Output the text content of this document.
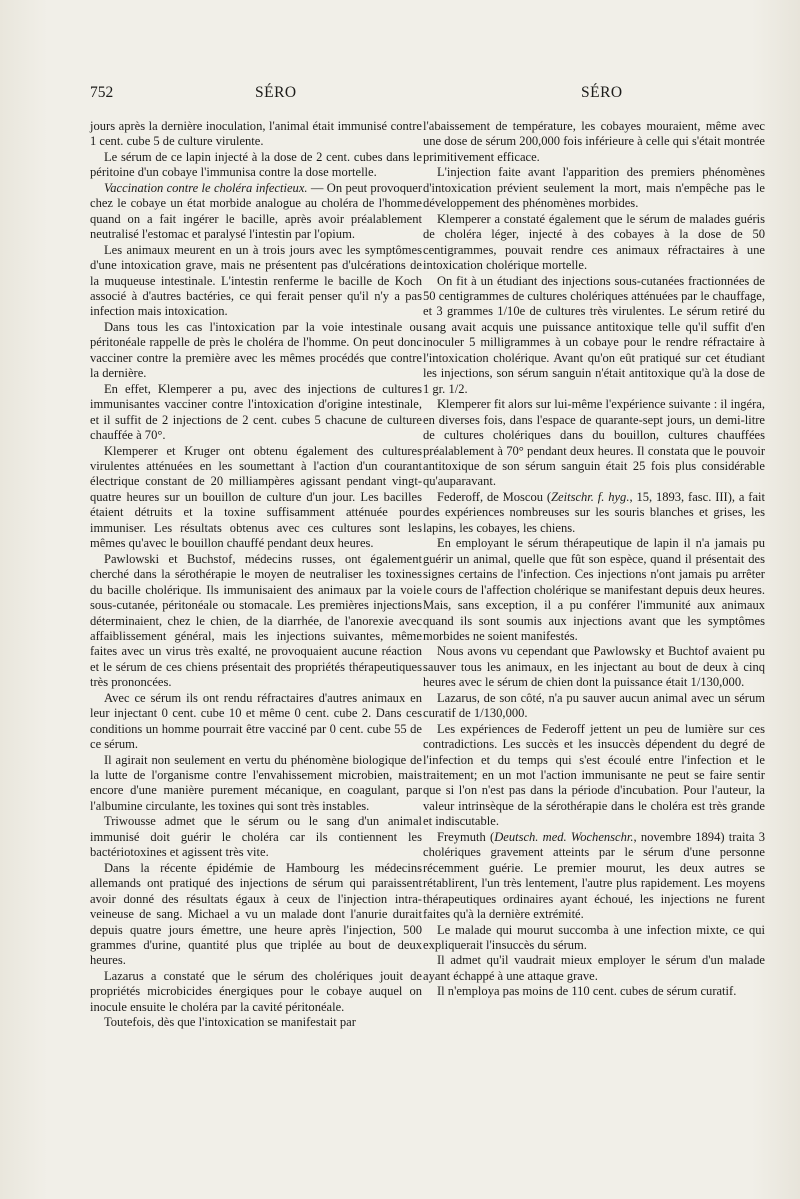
752	SÉRO	SÉRO

jours après la dernière inoculation, l'animal était immunisé contre 1 cent. cube 5 de culture virulente.

Le sérum de ce lapin injecté à la dose de 2 cent. cubes dans le péritoine d'un cobaye l'immunisa contre la dose mortelle.

Vaccination contre le choléra infectieux. — On peut provoquer chez le cobaye un état morbide analogue au choléra de l'homme quand on a fait ingérer le bacille, après avoir préalablement neutralisé l'estomac et paralysé l'intestin par l'opium.

Les animaux meurent en un à trois jours avec les symptômes d'une intoxication grave, mais ne présentent pas d'ulcérations de la muqueuse intestinale. L'intestin renferme le bacille de Koch associé à d'autres bactéries, ce qui ferait penser qu'il n'y a pas infection mais intoxication.

Dans tous les cas l'intoxication par la voie intestinale ou péritonéale rappelle de près le choléra de l'homme. On peut donc vacciner contre la première avec les mêmes procédés que contre la dernière.

En effet, Klemperer a pu, avec des injections de cultures immunisantes vacciner contre l'intoxication d'origine intestinale, et il suffit de 2 injections de 2 cent. cubes 5 chacune de culture chauffée à 70°.

Klemperer et Kruger ont obtenu également des cultures virulentes atténuées en les soumettant à l'action d'un courant électrique constant de 20 milliampères agissant pendant vingt-quatre heures sur un bouillon de culture d'un jour. Les bacilles étaient détruits et la toxine suffisamment atténuée pour immuniser. Les résultats obtenus avec ces cultures sont les mêmes qu'avec le bouillon chauffé pendant deux heures.

Pawlowski et Buchstof, médecins russes, ont également cherché dans la sérothérapie le moyen de neutraliser les toxines du bacille cholérique. Ils immunisaient des animaux par la voie sous-cutanée, péritonéale ou stomacale. Les premières injections déterminaient, chez le chien, de la diarrhée, de l'anorexie avec affaiblissement général, mais les injections suivantes, même faites avec un virus très exalté, ne provoquaient aucune réaction et le sérum de ces chiens présentait des propriétés thérapeutiques très prononcées.

Avec ce sérum ils ont rendu réfractaires d'autres animaux en leur injectant 0 cent. cube 10 et même 0 cent. cube 2. Dans ces conditions un homme pourrait être vacciné par 0 cent. cube 55 de ce sérum.

Il agirait non seulement en vertu du phénomène biologique de la lutte de l'organisme contre l'envahissement microbien, mais encore d'une manière purement mécanique, en coagulant, par l'albumine circulante, les toxines qui sont très instables.

Triwousse admet que le sérum ou le sang d'un animal immunisé doit guérir le choléra car ils contiennent les bactériotoxines et agissent très vite.

Dans la récente épidémie de Hambourg les médecins allemands ont pratiqué des injections de sérum qui paraissent avoir donné des résultats égaux à ceux de l'injection intra-veineuse de sang. Michael a vu un malade dont l'anurie durait depuis quatre jours émettre, une heure après l'injection, 500 grammes d'urine, quantité plus que triplée au bout de deux heures.

Lazarus a constaté que le sérum des cholériques jouit de propriétés microbicides énergiques pour le cobaye auquel on inocule ensuite le choléra par la cavité péritonéale.

Toutefois, dès que l'intoxication se manifestait par

l'abaissement de température, les cobayes mouraient, même avec une dose de sérum 200,000 fois inférieure à celle qui s'était montrée primitivement efficace.

L'injection faite avant l'apparition des premiers phénomènes d'intoxication prévient seulement la mort, mais n'empêche pas le développement des phénomènes morbides.

Klemperer a constaté également que le sérum de malades guéris de choléra léger, injecté à des cobayes à la dose de 50 centigrammes, pouvait rendre ces animaux réfractaires à une intoxication cholérique mortelle.

On fit à un étudiant des injections sous-cutanées fractionnées de 50 centigrammes de cultures cholériques atténuées par le chauffage, et 3 grammes 1/10e de cultures très virulentes. Le sérum retiré du sang avait acquis une puissance antitoxique telle qu'il suffit d'en inoculer 5 milligrammes à un cobaye pour le rendre réfractaire à l'intoxication cholérique. Avant qu'on eût pratiqué sur cet étudiant les injections, son sérum sanguin n'était antitoxique qu'à la dose de 1 gr. 1/2.

Klemperer fit alors sur lui-même l'expérience suivante : il ingéra, en diverses fois, dans l'espace de quarante-sept jours, un demi-litre de cultures cholériques dans du bouillon, cultures chauffées préalablement à 70° pendant deux heures. Il constata que le pouvoir antitoxique de son sérum sanguin était 25 fois plus considérable qu'auparavant.

Federoff, de Moscou (Zeitschr. f. hyg., 15, 1893, fasc. III), a fait des expériences nombreuses sur les souris blanches et grises, les lapins, les cobayes, les chiens.

En employant le sérum thérapeutique de lapin il n'a jamais pu guérir un animal, quelle que fût son espèce, quand il présentait des signes certains de l'infection. Ces injections n'ont jamais pu arrêter le cours de l'affection cholérique se manifestant depuis deux heures. Mais, sans exception, il a pu conférer l'immunité aux animaux quand ils sont soumis aux injections avant que les symptômes morbides ne soient manifestés.

Nous avons vu cependant que Pawlowsky et Buchtof avaient pu sauver tous les animaux, en les injectant au bout de deux à cinq heures avec le sérum de chien dont la puissance était 1/130,000.

Lazarus, de son côté, n'a pu sauver aucun animal avec un sérum curatif de 1/130,000.

Les expériences de Federoff jettent un peu de lumière sur ces contradictions. Les succès et les insuccès dépendent du degré de l'infection et du temps qui s'est écoulé entre l'infection et le traitement; en un mot l'action immunisante ne peut se faire sentir que si l'on n'est pas dans la période d'incubation. Pour l'auteur, la valeur intrinsèque de la sérothérapie dans le choléra est très grande et indiscutable.

Freymuth (Deutsch. med. Wochenschr., novembre 1894) traita 3 cholériques gravement atteints par le sérum d'une personne récemment guérie. Le premier mourut, les deux autres se rétablirent, l'un très lentement, l'autre plus rapidement. Les moyens thérapeutiques ordinaires ayant échoué, les injections ne furent faites qu'à la dernière extrémité.

Le malade qui mourut succomba à une infection mixte, ce qui expliquerait l'insuccès du sérum.

Il admet qu'il vaudrait mieux employer le sérum d'un malade ayant échappé à une attaque grave.

Il n'employa pas moins de 110 cent. cubes de sérum curatif.
